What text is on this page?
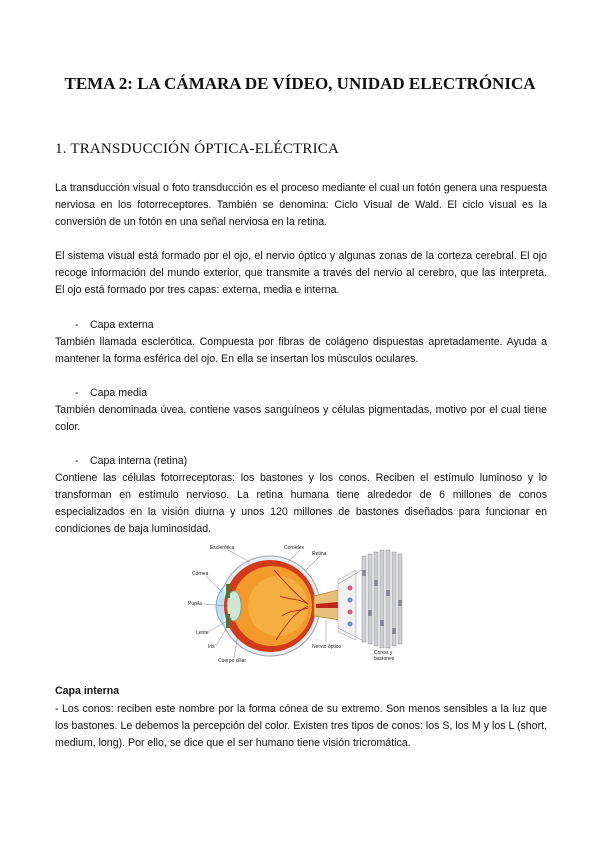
TEMA 2: LA CÁMARA DE VÍDEO, UNIDAD ELECTRÓNICA
1. TRANSDUCCIÓN ÓPTICA-ELÉCTRICA
La transducción visual o foto transducción es el proceso mediante el cual un fotón genera una respuesta nerviosa en los fotorreceptores. También se denomina: Ciclo Visual de Wald. El ciclo visual es la conversión de un fotón en una señal nerviosa en la retina.
El sistema visual está formado por el ojo, el nervio óptico y algunas zonas de la corteza cerebral. El ojo recoge información del mundo exterior, que transmite a través del nervio al cerebro, que las interpreta. El ojo está formado por tres capas: externa, media e interna.
- Capa externa
También llamada esclerótica. Compuesta por fibras de colágeno dispuestas apretadamente. Ayuda a mantener la forma esférica del ojo. En ella se insertan los músculos oculares.
- Capa media
También denominada úvea, contiene vasos sanguíneos y células pigmentadas, motivo por el cual tiene color.
- Capa interna (retina)
Contiene las células fotorreceptoras: los bastones y los conos. Reciben el estímulo luminoso y lo transforman en estímulo nervioso. La retina humana tiene alrededor de 6 millones de conos especializados en la visión diurna y unos 120 millones de bastones diseñados para funcionar en condiciones de baja luminosidad.
Esclerótica	Coroides
Retina
Córnea
Pupila
Lente
Iris
Cuerpo ciliar
Nervio óptico
Conos y
bastones
Capa interna
- Los conos: reciben este nombre por la forma cónea de su extremo. Son menos sensibles a la luz que los bastones. Le debemos la percepción del color. Existen tres tipos de conos: los S, los M y los L (short, medium, long). Por ello, se dice que el ser humano tiene visión tricromática.
